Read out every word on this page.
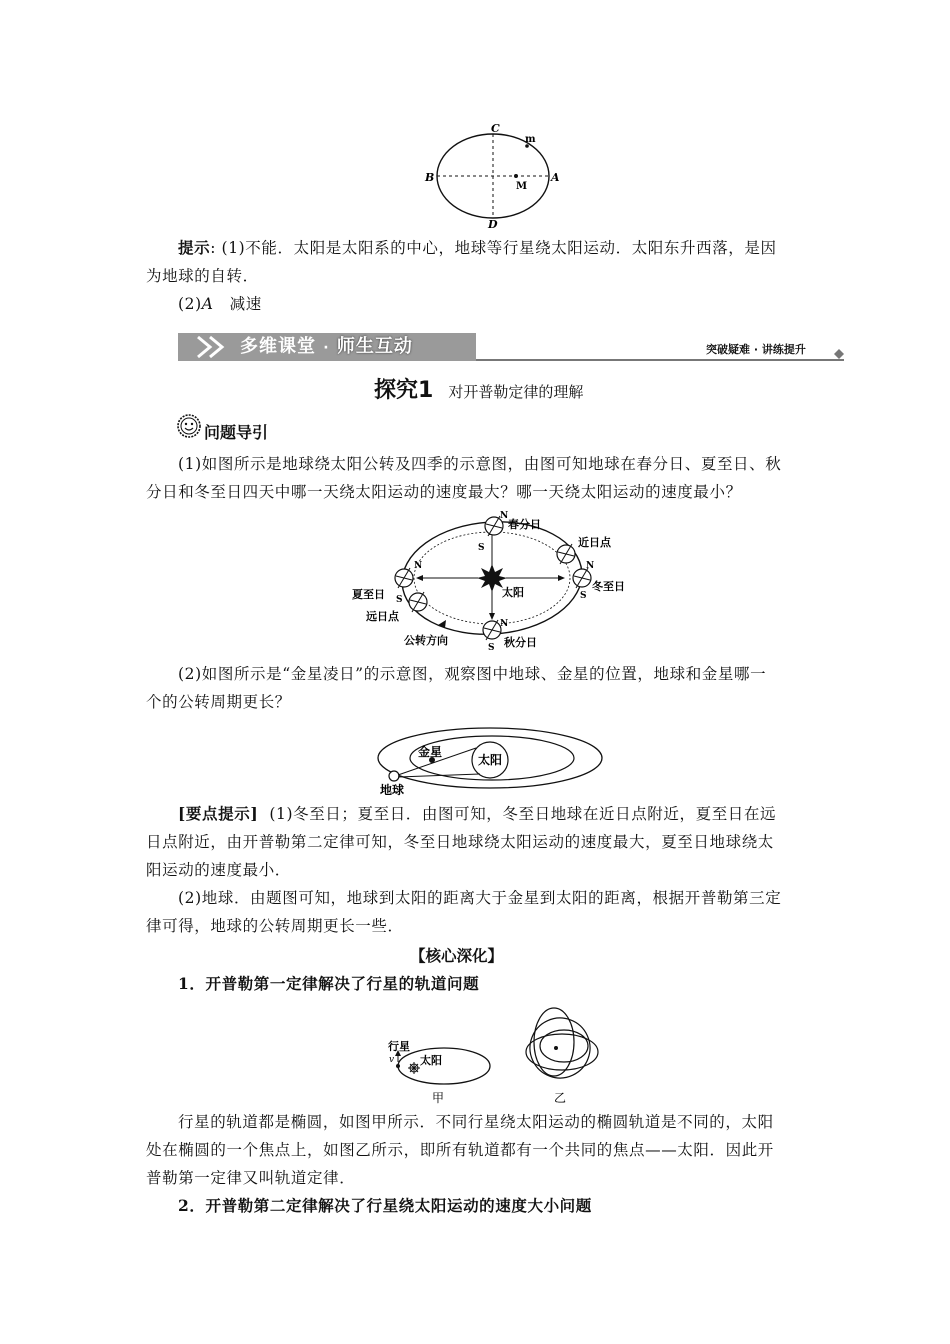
C
m
B
M
A
D
提示: (1)不能．太阳是太阳系的中心，地球等行星绕太阳运动．太阳东升西落，是因
为地球的自转．
(2)A　减速
多维课堂 · 师生互动	突破疑难 · 讲练提升
探究1 对开普勒定律的理解
问题导引
(1)如图所示是地球绕太阳公转及四季的示意图，由图可知地球在春分日、夏至日、秋
分日和冬至日四天中哪一天绕太阳运动的速度最大？哪一天绕太阳运动的速度最小？
N
S
N
S
N
S
N
S
春分日
近日点
冬至日
夏至日	太阳
远日点
公转方向	秋分日
(2)如图所示是“金星凌日”的示意图，观察图中地球、金星的位置，地球和金星哪一
个的公转周期更长？
金星
太阳
地球
[要点提示] (1)冬至日；夏至日．由图可知，冬至日地球在近日点附近，夏至日在远
日点附近，由开普勒第二定律可知，冬至日地球绕太阳运动的速度最大，夏至日地球绕太
阳运动的速度最小．
(2)地球．由题图可知，地球到太阳的距离大于金星到太阳的距离，根据开普勒第三定
律可得，地球的公转周期更长一些．
【核心深化】
1．开普勒第一定律解决了行星的轨道问题
行星
v 太阳
甲	乙
行星的轨道都是椭圆，如图甲所示．不同行星绕太阳运动的椭圆轨道是不同的，太阳
处在椭圆的一个焦点上，如图乙所示，即所有轨道都有一个共同的焦点——太阳．因此开
普勒第一定律又叫轨道定律．
2．开普勒第二定律解决了行星绕太阳运动的速度大小问题
